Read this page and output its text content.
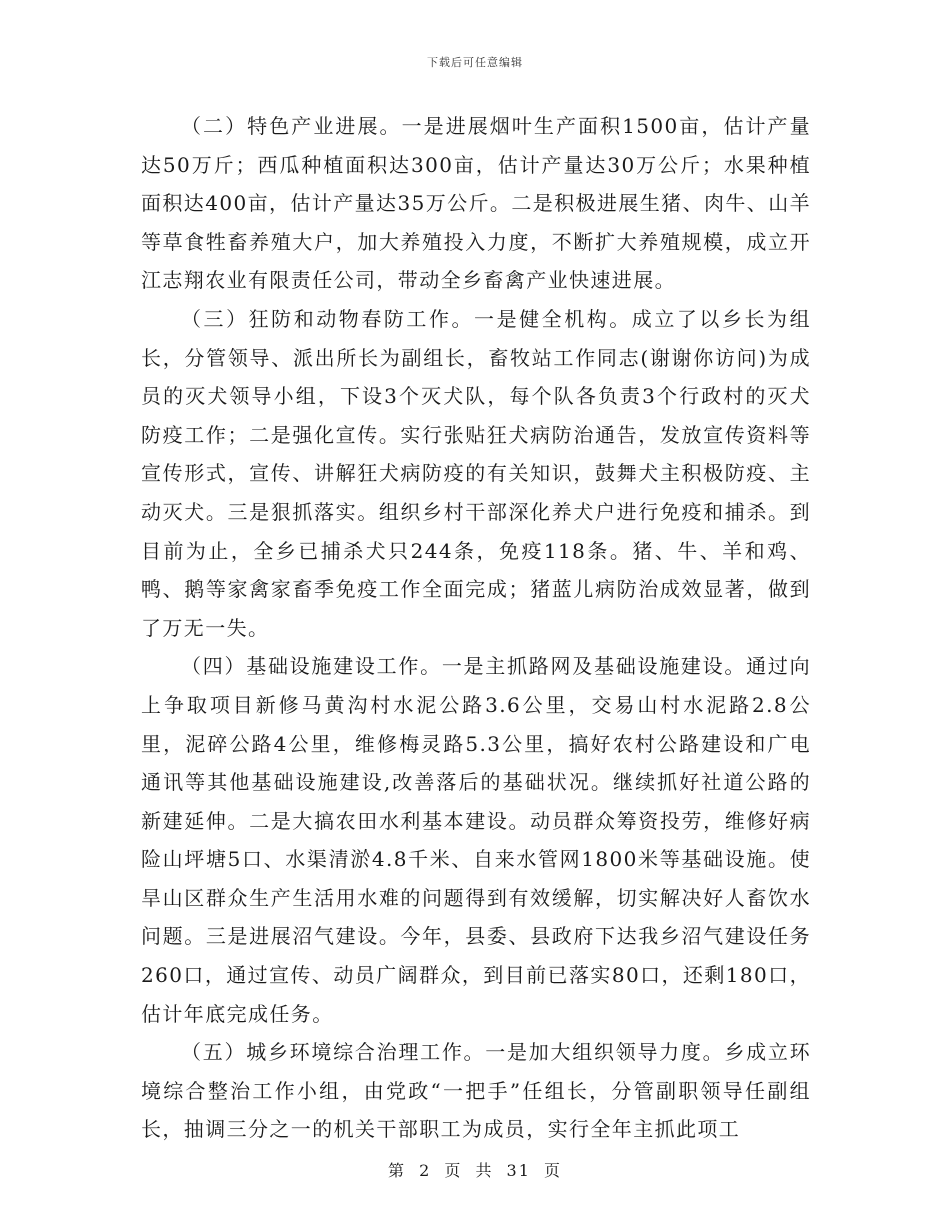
下载后可任意编辑

（二）特色产业进展。一是进展烟叶生产面积1500亩，估计产量达50万斤；西瓜种植面积达300亩，估计产量达30万公斤；水果种植面积达400亩，估计产量达35万公斤。二是积极进展生猪、肉牛、山羊等草食牲畜养殖大户，加大养殖投入力度，不断扩大养殖规模，成立开江志翔农业有限责任公司，带动全乡畜禽产业快速进展。

（三）狂防和动物春防工作。一是健全机构。成立了以乡长为组长，分管领导、派出所长为副组长，畜牧站工作同志(谢谢你访问)为成员的灭犬领导小组，下设3个灭犬队，每个队各负责3个行政村的灭犬防疫工作；二是强化宣传。实行张贴狂犬病防治通告，发放宣传资料等宣传形式，宣传、讲解狂犬病防疫的有关知识，鼓舞犬主积极防疫、主动灭犬。三是狠抓落实。组织乡村干部深化养犬户进行免疫和捕杀。到目前为止，全乡已捕杀犬只244条，免疫118条。猪、牛、羊和鸡、鸭、鹅等家禽家畜季免疫工作全面完成；猪蓝儿病防治成效显著，做到了万无一失。

（四）基础设施建设工作。一是主抓路网及基础设施建设。通过向上争取项目新修马黄沟村水泥公路3.6公里，交易山村水泥路2.8公里，泥碎公路4公里，维修梅灵路5.3公里，搞好农村公路建设和广电通讯等其他基础设施建设,改善落后的基础状况。继续抓好社道公路的新建延伸。二是大搞农田水利基本建设。动员群众筹资投劳，维修好病险山坪塘5口、水渠清淤4.8千米、自来水管网1800米等基础设施。使旱山区群众生产生活用水难的问题得到有效缓解，切实解决好人畜饮水问题。三是进展沼气建设。今年，县委、县政府下达我乡沼气建设任务260口，通过宣传、动员广阔群众，到目前已落实80口，还剩180口，估计年底完成任务。

（五）城乡环境综合治理工作。一是加大组织领导力度。乡成立环境综合整治工作小组，由党政“一把手”任组长，分管副职领导任副组长，抽调三分之一的机关干部职工为成员，实行全年主抓此项工

第 2 页 共 31 页
